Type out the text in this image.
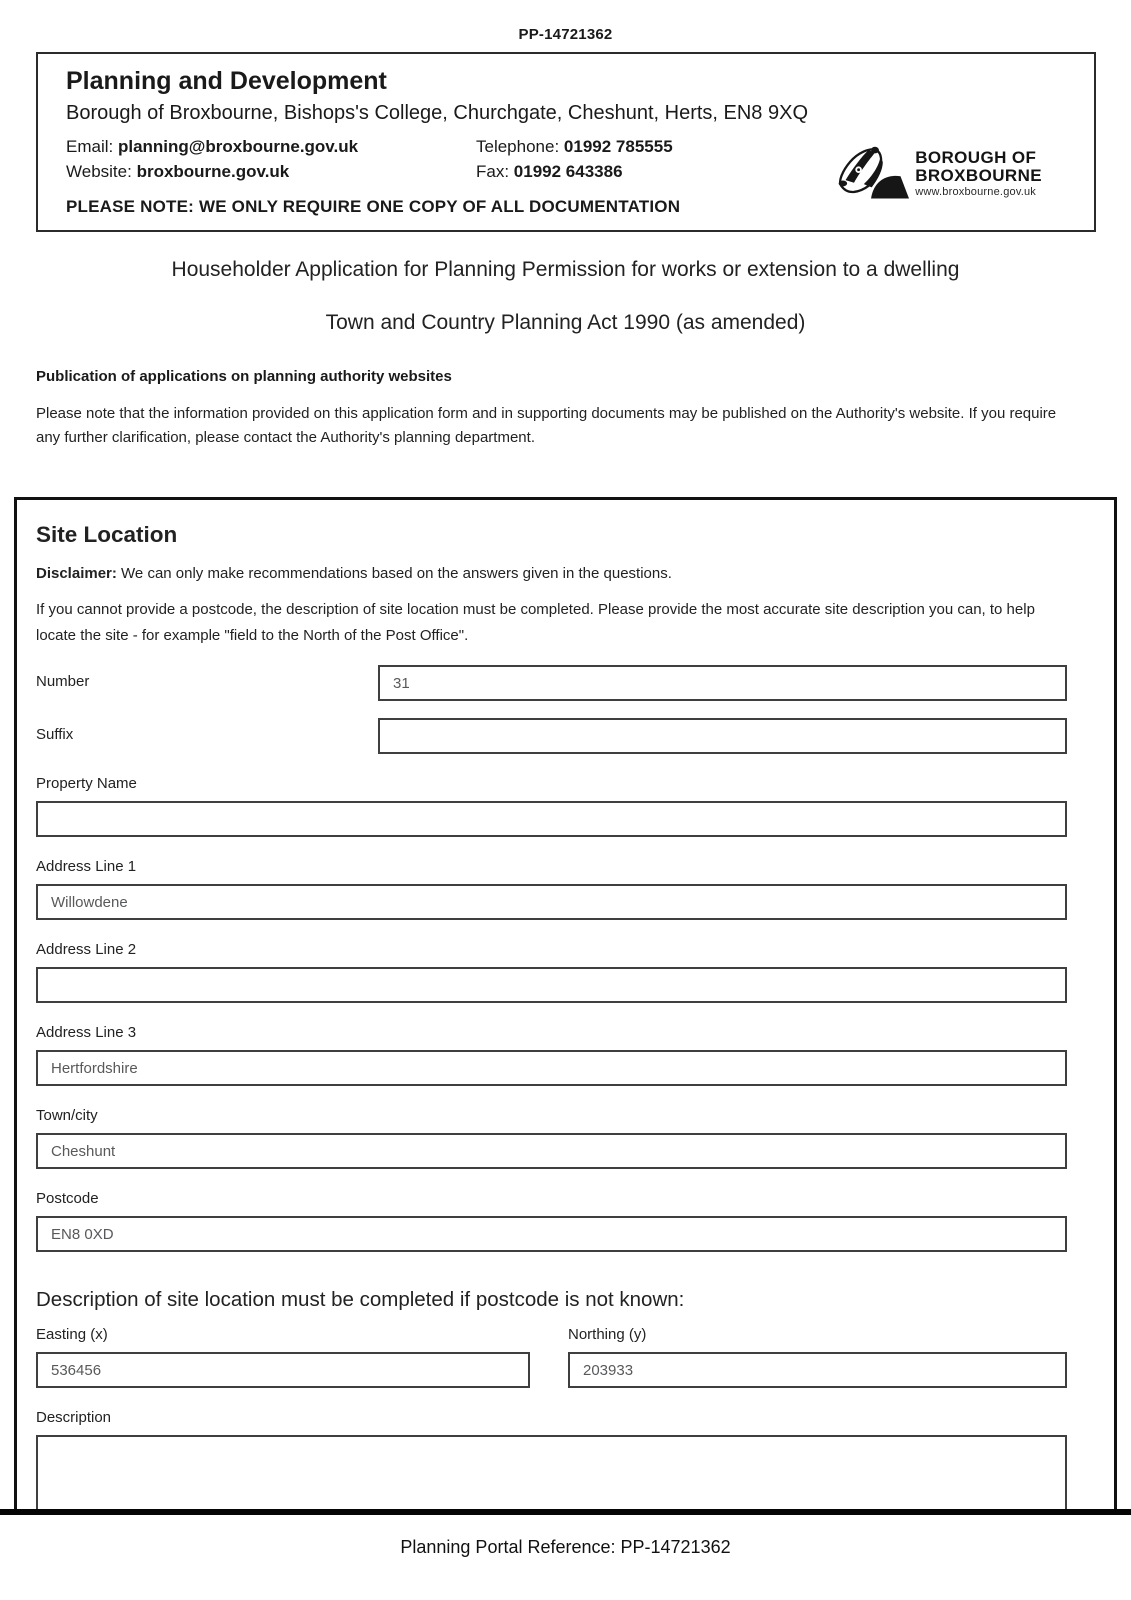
PP-14721362
Planning and Development
Borough of Broxbourne, Bishops's College, Churchgate, Cheshunt, Herts, EN8 9XQ
Email: planning@broxbourne.gov.uk
Website: broxbourne.gov.uk
Telephone: 01992 785555
Fax: 01992 643386
PLEASE NOTE: WE ONLY REQUIRE ONE COPY OF ALL DOCUMENTATION
BOROUGH OF
BROXBOURNE
www.broxbourne.gov.uk
Householder Application for Planning Permission for works or extension to a dwelling
Town and Country Planning Act 1990 (as amended)
Publication of applications on planning authority websites
Please note that the information provided on this application form and in supporting documents may be published on the Authority's website. If you require any further clarification, please contact the Authority's planning department.
Site Location
Disclaimer: We can only make recommendations based on the answers given in the questions.
If you cannot provide a postcode, the description of site location must be completed. Please provide the most accurate site description you can, to help locate the site - for example "field to the North of the Post Office".
Number
31
Suffix
Property Name
Address Line 1
Willowdene
Address Line 2
Address Line 3
Hertfordshire
Town/city
Cheshunt
Postcode
EN8 0XD
Description of site location must be completed if postcode is not known:
Easting (x)
536456	Northing (y)
203933
Description
Planning Portal Reference: PP-14721362
